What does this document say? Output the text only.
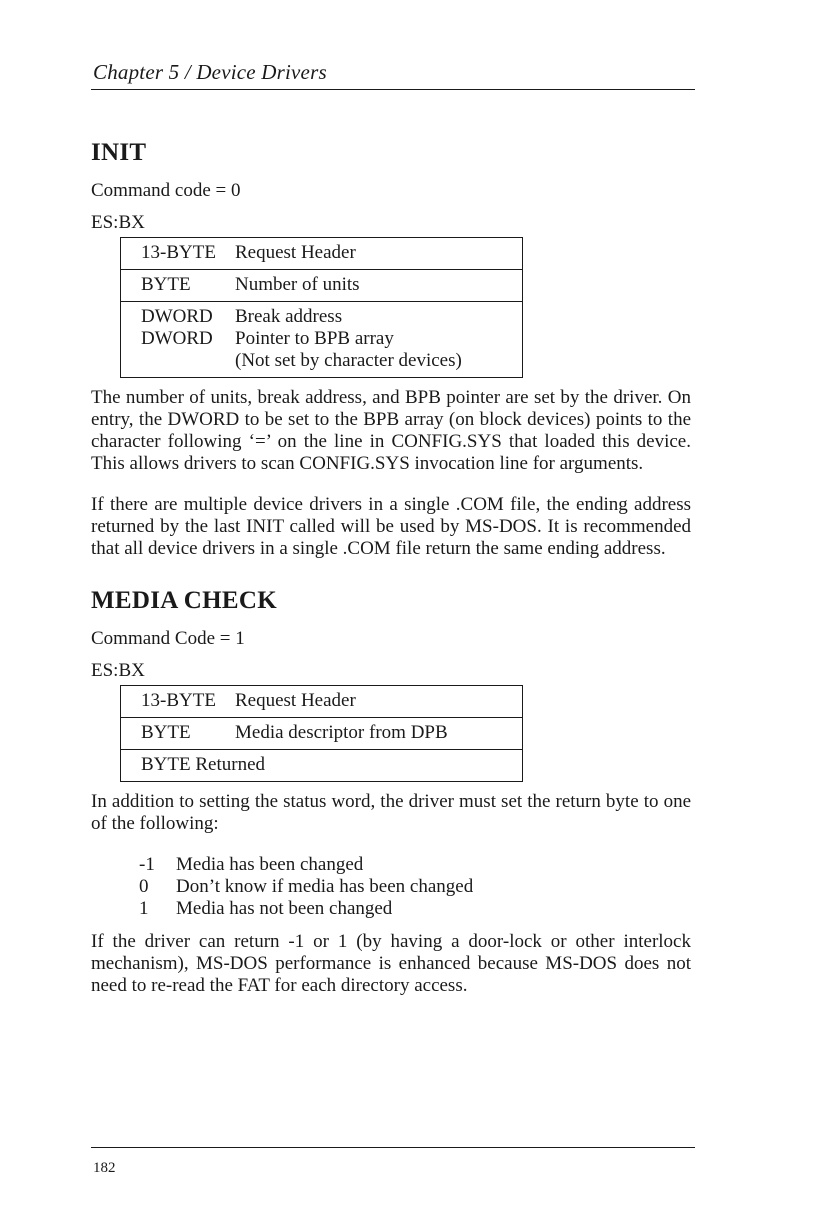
Chapter 5 / Device Drivers
INIT
Command code = 0
ES:BX
13-BYTE	Request Header
BYTE	Number of units
DWORD	Break address
DWORD	Pointer to BPB array
(Not set by character devices)

The number of units, break address, and BPB pointer are set by the driver. On entry, the DWORD to be set to the BPB array (on block devices) points to the character following ‘=’ on the line in CONFIG.SYS that loaded this device. This allows drivers to scan CONFIG.SYS invocation line for arguments.

If there are multiple device drivers in a single .COM file, the ending address returned by the last INIT called will be used by MS-DOS. It is recommended that all device drivers in a single .COM file return the same ending address.

MEDIA CHECK
Command Code = 1
ES:BX
13-BYTE	Request Header
BYTE	Media descriptor from DPB
BYTE Returned

In addition to setting the status word, the driver must set the return byte to one of the following:

-1	Media has been changed
0	Don’t know if media has been changed
1	Media has not been changed

If the driver can return -1 or 1 (by having a door-lock or other interlock mechanism), MS-DOS performance is enhanced because MS-DOS does not need to re-read the FAT for each directory access.

182
